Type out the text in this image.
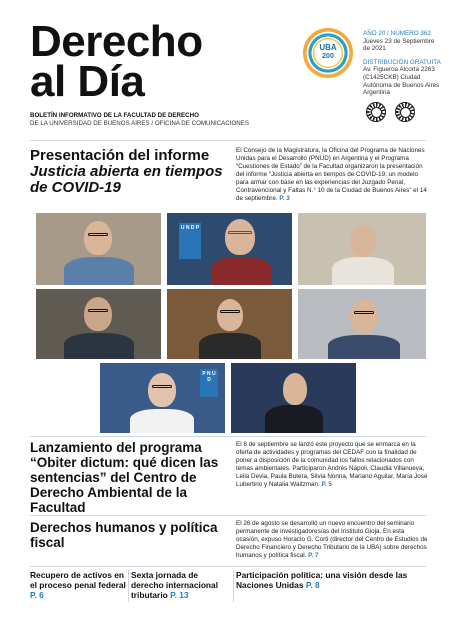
Derecho
al Día
BOLETÍN INFORMATIVO DE LA FACULTAD DE DERECHO
DE LA UNIVERSIDAD DE BUENOS AIRES / OFICINA DE COMUNICACIONES
UBA
200
AÑO 20 / NÚMERO 362
Jueves 23 de Septiembre
de 2021
DISTRIBUCIÓN GRATUITA
Av. Figueroa Alcorta 2263
(C1425CKB) Ciudad
Autónoma de Buenos Aires
Argentina
Presentación del informe
Justicia abierta en tiempos de COVID-19
El Consejo de la Magistratura, la Oficina del Programa de Naciones Unidas para el Desarrollo (PNUD) en Argentina y el Programa “Cuestiones de Estado” de la Facultad organizaron la presentación del informe “Justicia abierta en tiempos de COVID-19: un modelo para armar con base en las experiencias del Juzgado Penal, Contravencional y Faltas N.° 10 de la Ciudad de Buenos Aires” el 14 de septiembre. P. 3
U N D P
P N U D
Lanzamiento del programa “Obiter dictum: qué dicen las sentencias” del Centro de Derecho Ambiental de la Facultad
El 8 de septiembre se lanzó este proyecto que se enmarca en la oferta de actividades y programas del CEDAF con la finalidad de poner a disposición de la comunidad los fallos relacionados con temas ambientales. Participaron Andrés Nápoli, Claudia Villanueva, Leila Devia, Paula Butera, Silvia Nonna, Mariano Aguilar, María José Lubertino y Natalia Waitzman. P. 5
Derechos humanos y política fiscal
El 26 de agosto se desarrolló un nuevo encuentro del seminario permanente de investigadores/as del Instituto Gioja. En esta ocasión, expuso Horacio G. Corti (director del Centro de Estudios de Derecho Financiero y Derecho Tributario de la UBA) sobre derechos humanos y política fiscal. P. 7
Recupero de activos en el proceso penal federal P. 6
Sexta jornada de derecho internacional tributario P. 13
Participación política: una visión desde las Naciones Unidas P. 8
